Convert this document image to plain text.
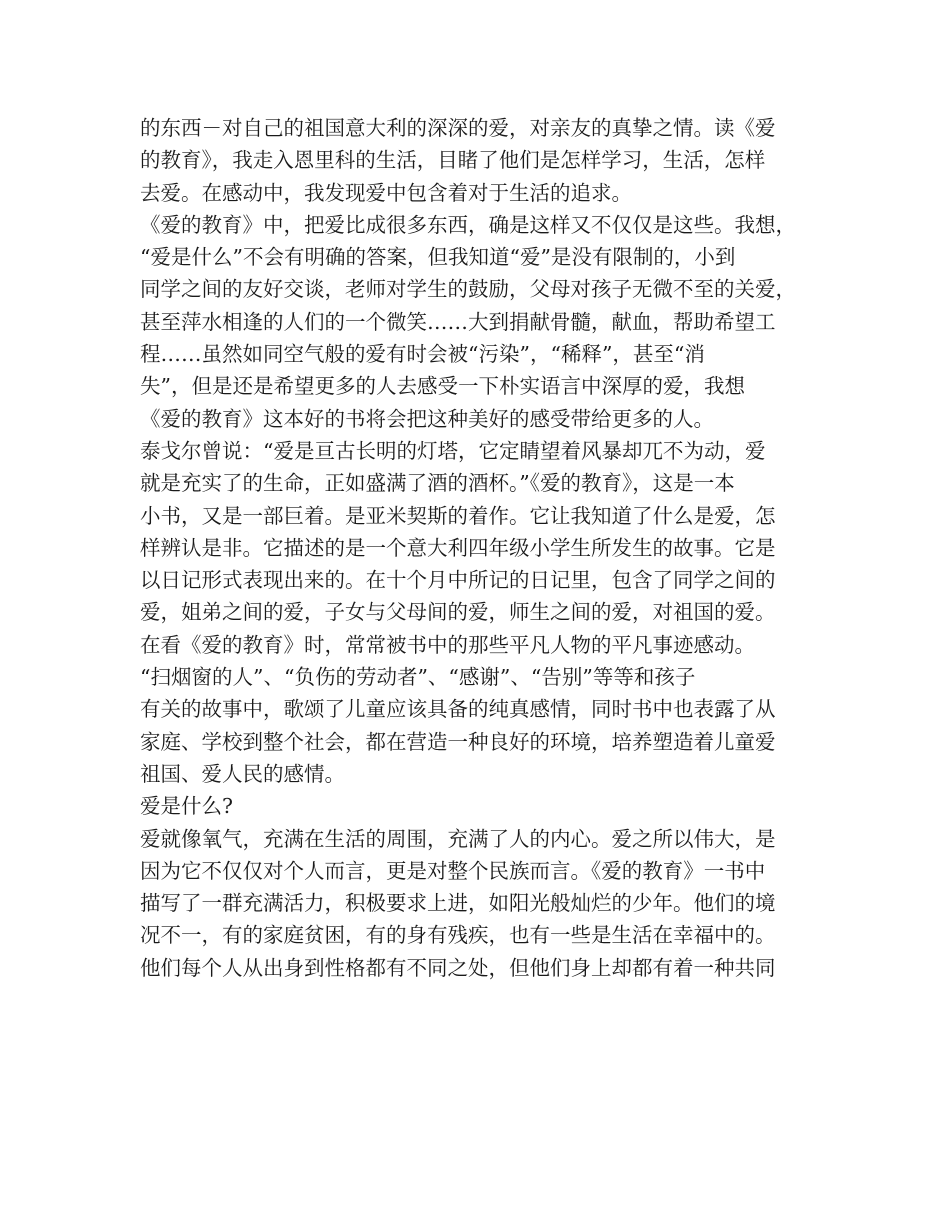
的东西－对自己的祖国意大利的深深的爱，对亲友的真挚之情。读《爱
的教育》，我走入恩里科的生活，目睹了他们是怎样学习，生活，怎样
去爱。在感动中，我发现爱中包含着对于生活的追求。
《爱的教育》中，把爱比成很多东西，确是这样又不仅仅是这些。我想，
“爱是什么”不会有明确的答案，但我知道“爱”是没有限制的，小到
同学之间的友好交谈，老师对学生的鼓励，父母对孩子无微不至的关爱，
甚至萍水相逢的人们的一个微笑……大到捐献骨髓，献血，帮助希望工
程……虽然如同空气般的爱有时会被“污染”，“稀释”，甚至“消
失”，但是还是希望更多的人去感受一下朴实语言中深厚的爱，我想
《爱的教育》这本好的书将会把这种美好的感受带给更多的人。
泰戈尔曾说：“爱是亘古长明的灯塔，它定睛望着风暴却兀不为动，爱
就是充实了的生命，正如盛满了酒的酒杯。”《爱的教育》，这是一本
小书，又是一部巨着。是亚米契斯的着作。它让我知道了什么是爱，怎
样辨认是非。它描述的是一个意大利四年级小学生所发生的故事。它是
以日记形式表现出来的。在十个月中所记的日记里，包含了同学之间的
爱，姐弟之间的爱，子女与父母间的爱，师生之间的爱，对祖国的爱。
在看《爱的教育》时，常常被书中的那些平凡人物的平凡事迹感动。
“扫烟窗的人”、“负伤的劳动者”、“感谢”、“告别”等等和孩子
有关的故事中，歌颂了儿童应该具备的纯真感情，同时书中也表露了从
家庭、学校到整个社会，都在营造一种良好的环境，培养塑造着儿童爱
祖国、爱人民的感情。
爱是什么?
爱就像氧气，充满在生活的周围，充满了人的内心。爱之所以伟大，是
因为它不仅仅对个人而言，更是对整个民族而言。《爱的教育》一书中
描写了一群充满活力，积极要求上进，如阳光般灿烂的少年。他们的境
况不一，有的家庭贫困，有的身有残疾，也有一些是生活在幸福中的。
他们每个人从出身到性格都有不同之处，但他们身上却都有着一种共同
